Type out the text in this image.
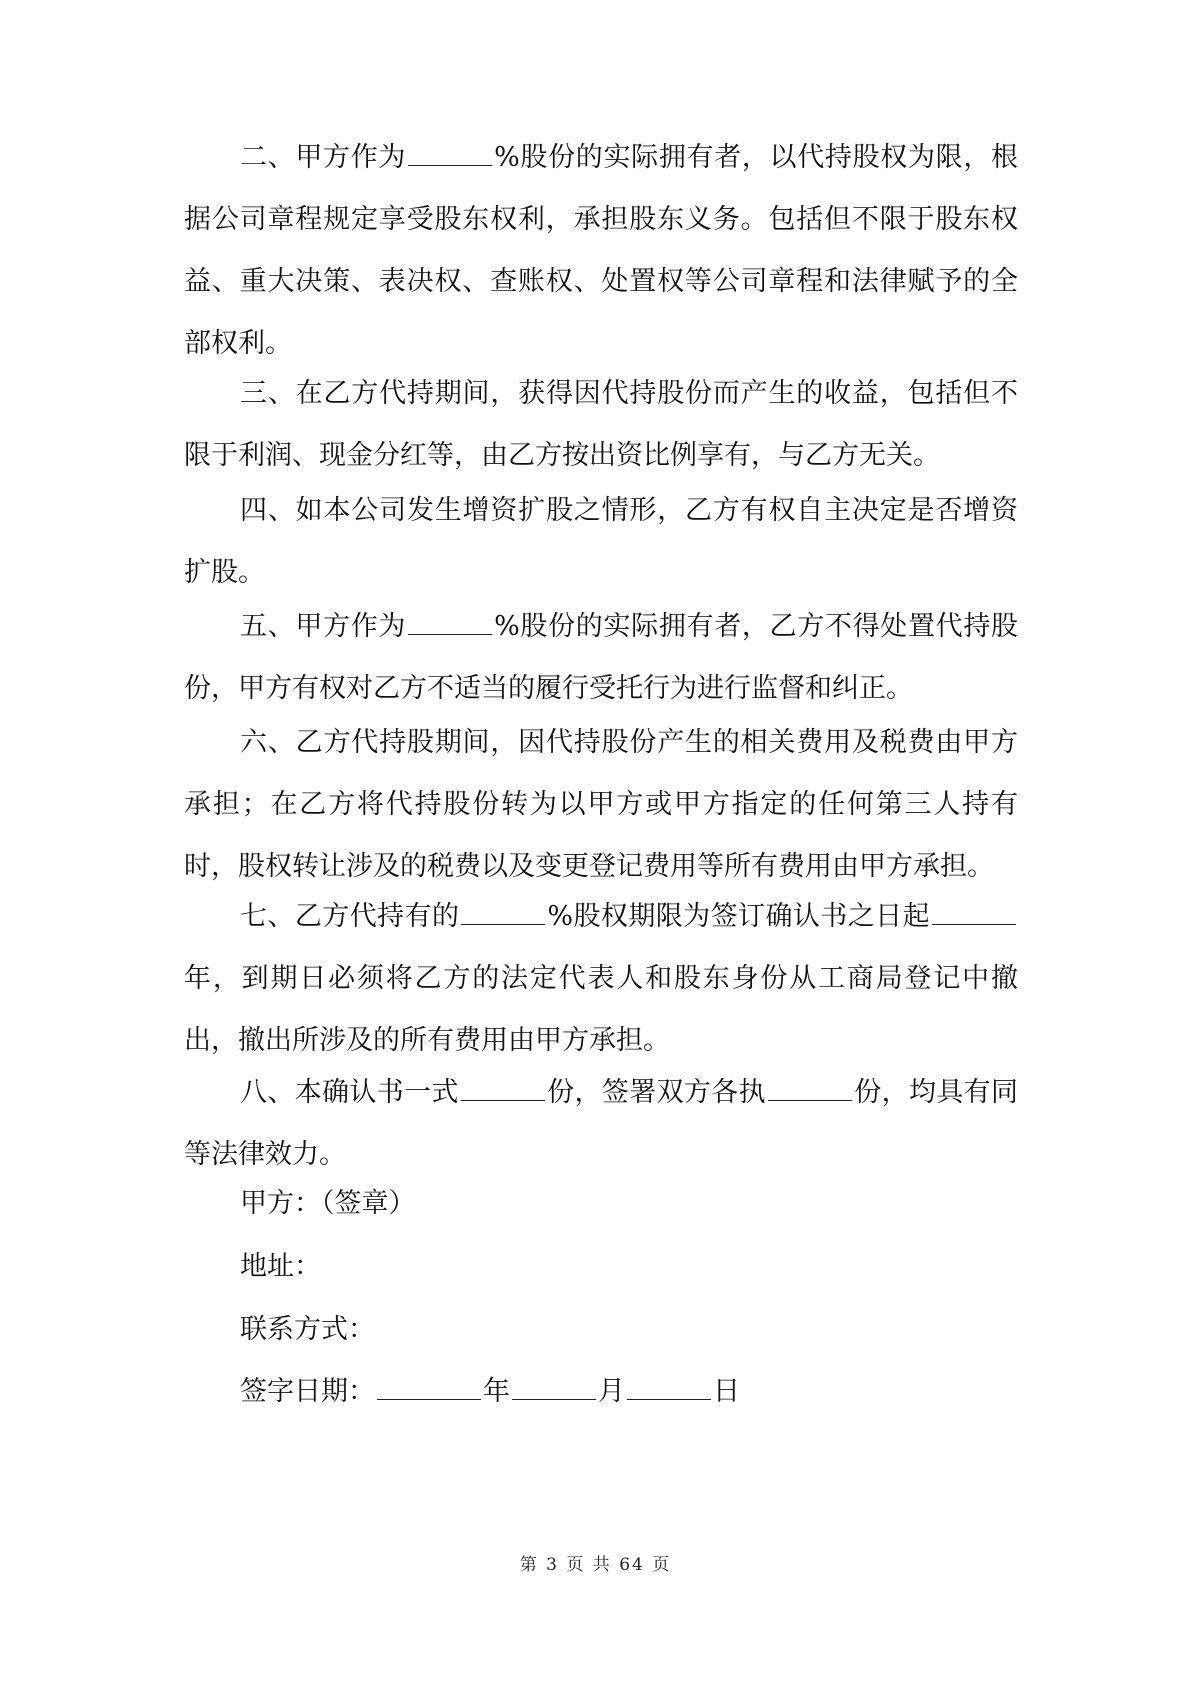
二、甲方作为	%股份的实际拥有者，以代持股权为限，根据公司章程规定享受股东权利，承担股东义务。包括但不限于股东权益、重大决策、表决权、查账权、处置权等公司章程和法律赋予的全部权利。

三、在乙方代持期间，获得因代持股份而产生的收益，包括但不限于利润、现金分红等，由乙方按出资比例享有，与乙方无关。

四、如本公司发生增资扩股之情形，乙方有权自主决定是否增资扩股。

五、甲方作为	%股份的实际拥有者，乙方不得处置代持股份，甲方有权对乙方不适当的履行受托行为进行监督和纠正。

六、乙方代持股期间，因代持股份产生的相关费用及税费由甲方承担；在乙方将代持股份转为以甲方或甲方指定的任何第三人持有时，股权转让涉及的税费以及变更登记费用等所有费用由甲方承担。

七、乙方代持有的	%股权期限为签订确认书之日起年，到期日必须将乙方的法定代表人和股东身份从工商局登记中撤出，撤出所涉及的所有费用由甲方承担。

八、本确认书一式	份，签署双方各执	份，均具有同等法律效力。

甲方：（签章）

地址：

联系方式：

签字日期：	年	月	日

第 3 页 共 64 页
